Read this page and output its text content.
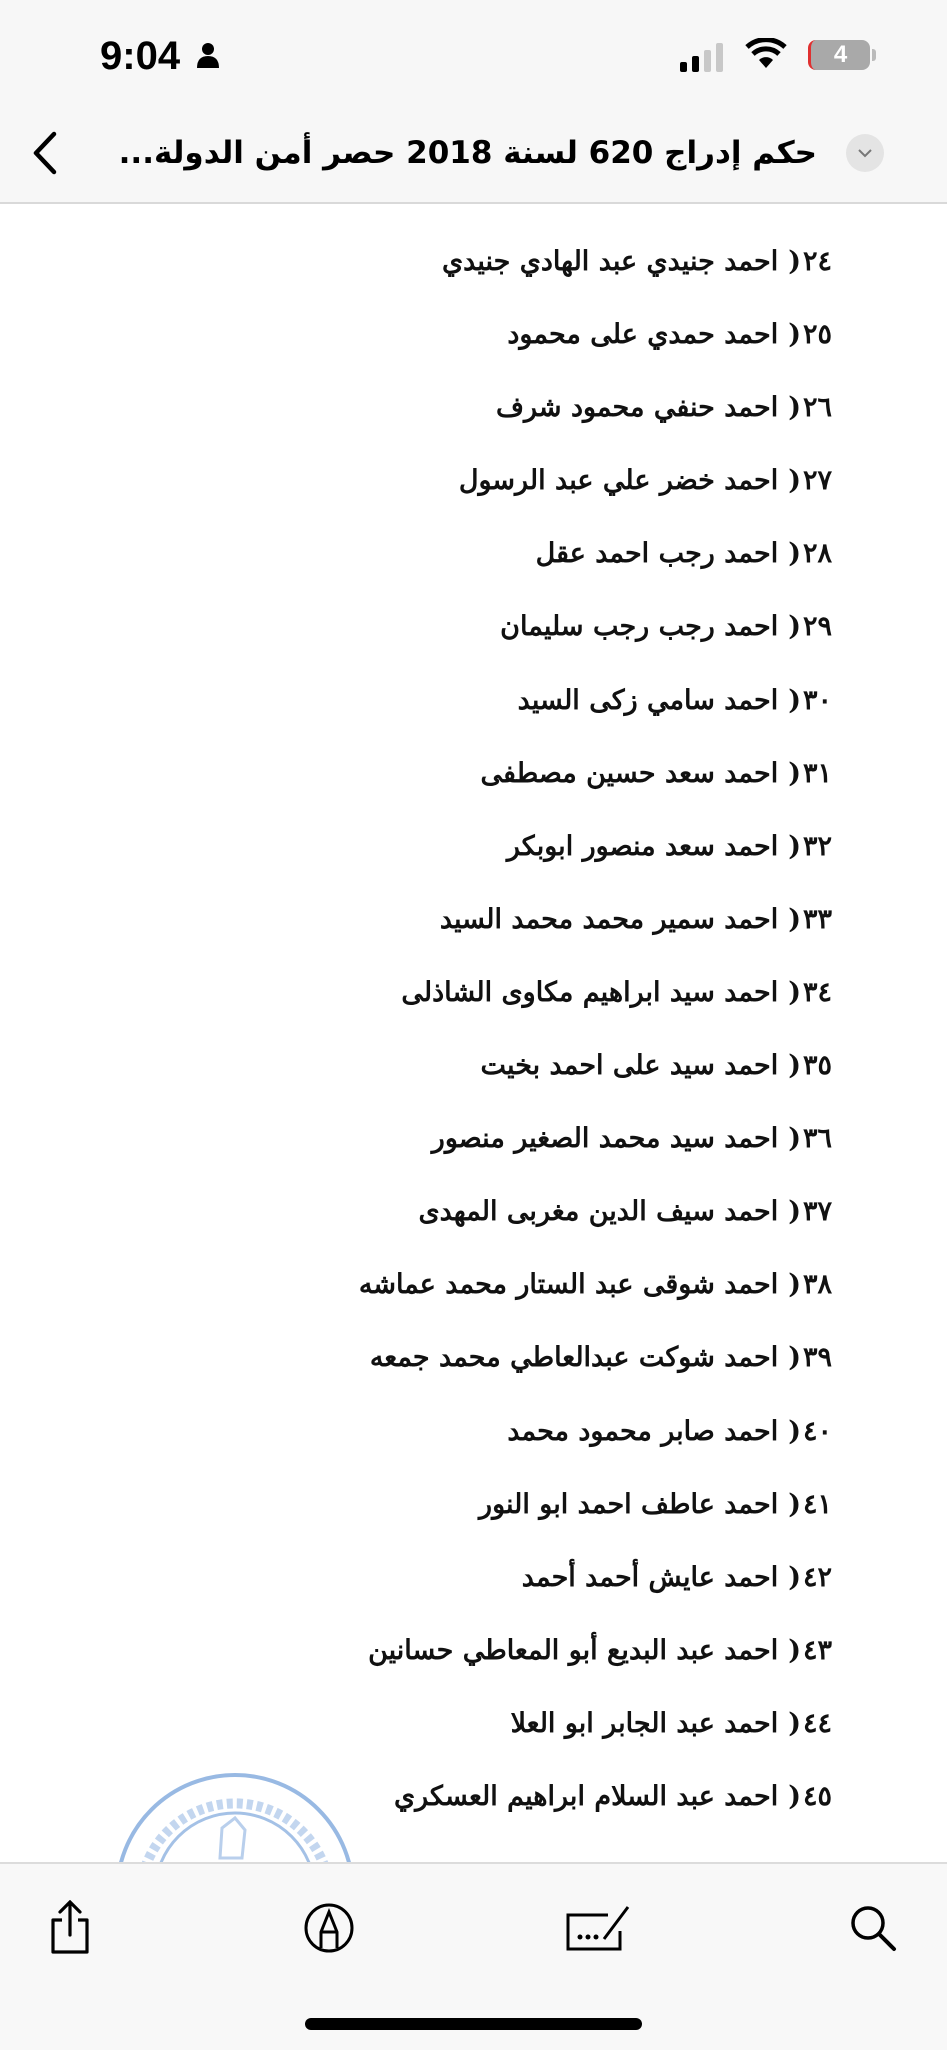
9:04	4
حكم إدراج 620 لسنة 2018 حصر أمن الدولة...
٢٤)احمد جنيدي عبد الهادي جنيدي
٢٥)احمد حمدي على محمود
٢٦)احمد حنفي محمود شرف
٢٧)احمد خضر علي عبد الرسول
٢٨)احمد رجب احمد عقل
٢٩)احمد رجب رجب سليمان
٣٠)احمد سامي زكى السيد
٣١)احمد سعد حسين مصطفى
٣٢)احمد سعد منصور ابوبكر
٣٣)احمد سمير محمد محمد السيد
٣٤)احمد سيد ابراهيم مكاوى الشاذلى
٣٥)احمد سيد على احمد بخيت
٣٦)احمد سيد محمد الصغير منصور
٣٧)احمد سيف الدين مغربى المهدى
٣٨)احمد شوقى عبد الستار محمد عماشه
٣٩)احمد شوكت عبدالعاطي محمد جمعه
٤٠)احمد صابر محمود محمد
٤١)احمد عاطف احمد ابو النور
٤٢)احمد عايش أحمد أحمد
٤٣)احمد عبد البديع أبو المعاطي حسانين
٤٤)احمد عبد الجابر ابو العلا
٤٥)احمد عبد السلام ابراهيم العسكري
